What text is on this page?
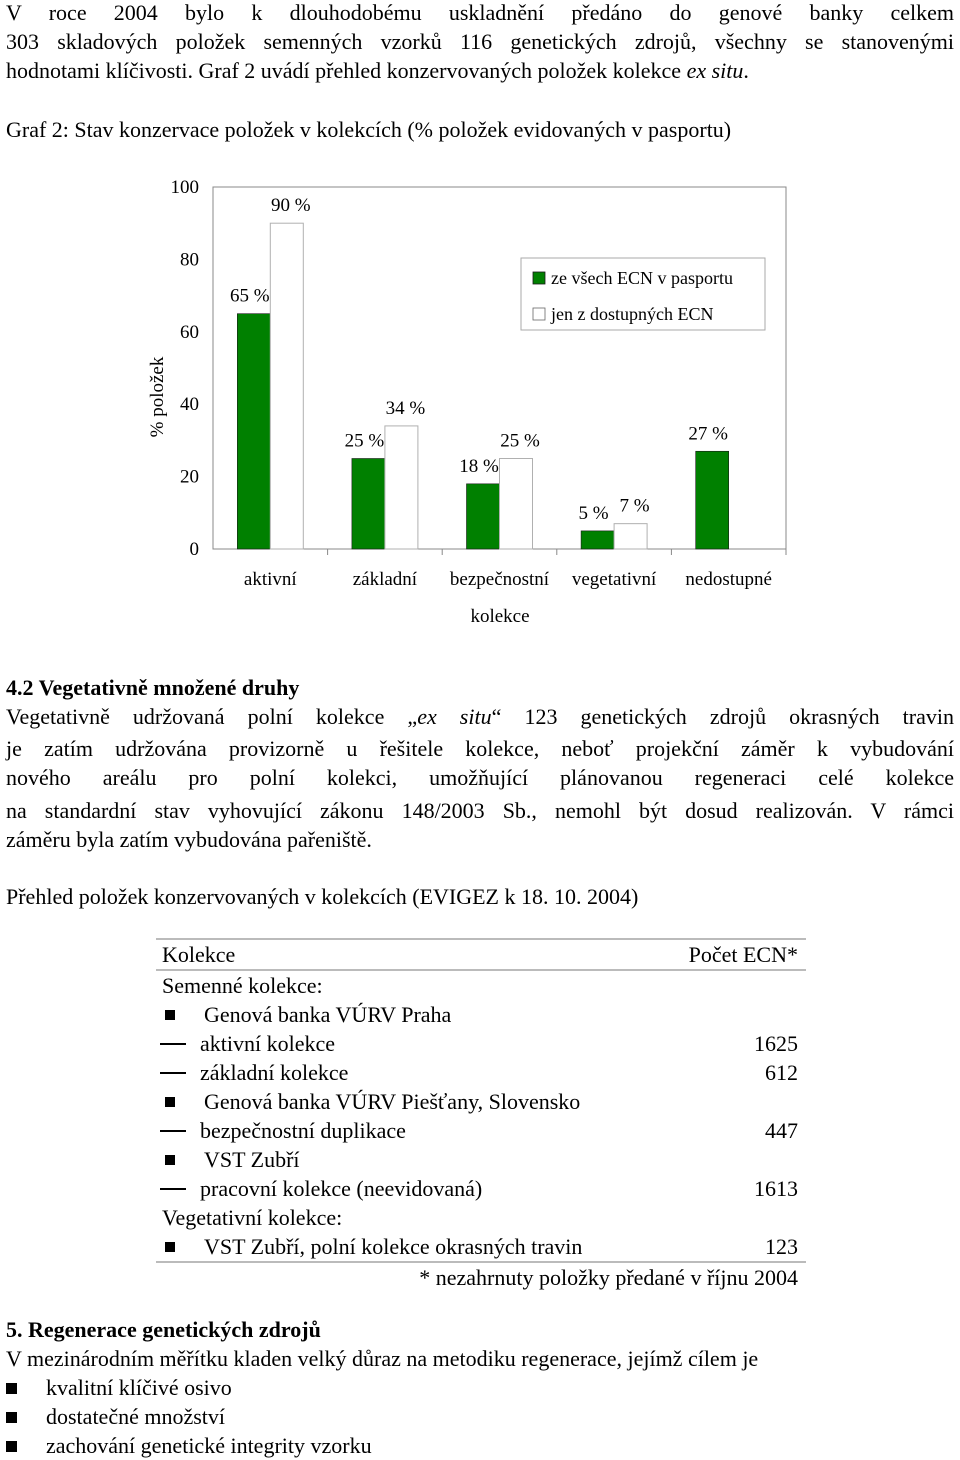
V roce 2004 bylo k dlouhodobému uskladnění předáno do genové banky celkem
303 skladových položek semenných vzorků 116 genetických zdrojů, všechny se stanovenými
hodnotami klíčivosti. Graf 2 uvádí přehled konzervovaných položek kolekce ex situ.
Graf 2: Stav konzervace položek v kolekcích (% položek evidovaných v pasportu)
0
20
40
60
80
100
65 %
90 %
25 %
34 %
18 %
25 %
5 % 7 %
27 %
aktivní	základní bezpečnostní vegetativní nedostupné
% položek
kolekce
ze všech ECN v pasportu
jen z dostupných ECN
4.2 Vegetativně množené druhy
Vegetativně udržovaná polní kolekce „ex situ“ 123 genetických zdrojů okrasných travin
je zatím udržována provizorně u řešitele kolekce, neboť projekční záměr k vybudování
nového areálu pro polní kolekci, umožňující plánovanou regeneraci celé kolekce
na standardní stav vyhovující zákonu 148/2003 Sb., nemohl být dosud realizován. V rámci
záměru byla zatím vybudována pařeniště.
Přehled položek konzervovaných v kolekcích (EVIGEZ k 18. 10. 2004)
Kolekce	Počet ECN*
Semenné kolekce:
Genová banka VÚRV Praha
aktivní kolekce	1625
základní kolekce	612
Genová banka VÚRV Piešťany, Slovensko
bezpečnostní duplikace	447
VST Zubří
pracovní kolekce (neevidovaná)	1613
Vegetativní kolekce:
VST Zubří, polní kolekce okrasných travin	123
* nezahrnuty položky předané v říjnu 2004
5. Regenerace genetických zdrojů
V mezinárodním měřítku kladen velký důraz na metodiku regenerace, jejímž cílem je
kvalitní klíčivé osivo
dostatečné množství
zachování genetické integrity vzorku
